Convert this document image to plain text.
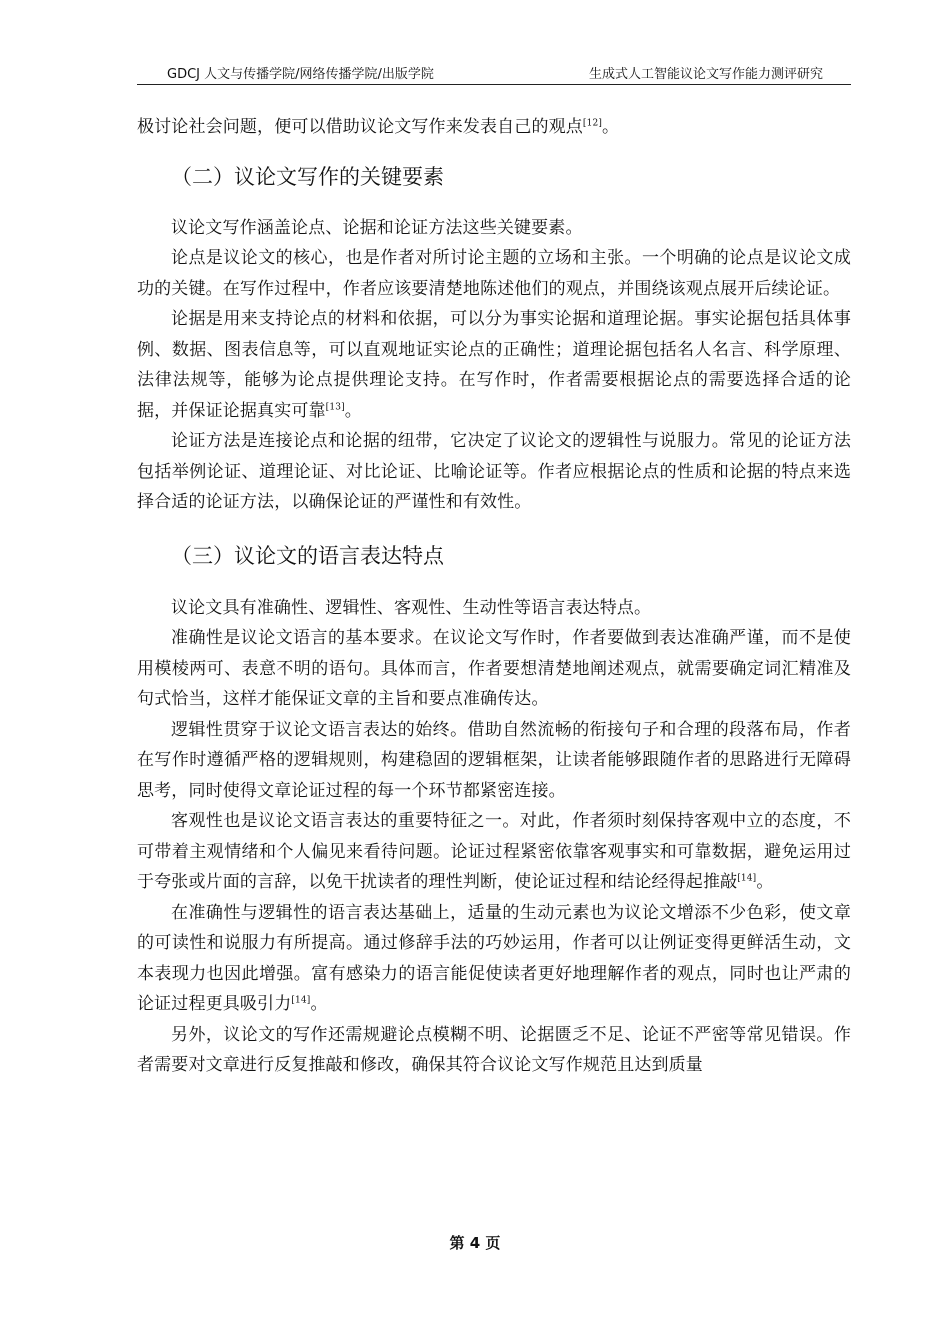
GDCJ 人文与传播学院/网络传播学院/出版学院	生成式人工智能议论文写作能力测评研究

极讨论社会问题，便可以借助议论文写作来发表自己的观点[12]。

（二）议论文写作的关键要素

议论文写作涵盖论点、论据和论证方法这些关键要素。

论点是议论文的核心，也是作者对所讨论主题的立场和主张。一个明确的论点是议论文成功的关键。在写作过程中，作者应该要清楚地陈述他们的观点，并围绕该观点展开后续论证。

论据是用来支持论点的材料和依据，可以分为事实论据和道理论据。事实论据包括具体事例、数据、图表信息等，可以直观地证实论点的正确性；道理论据包括名人名言、科学原理、法律法规等，能够为论点提供理论支持。在写作时，作者需要根据论点的需要选择合适的论据，并保证论据真实可靠[13]。

论证方法是连接论点和论据的纽带，它决定了议论文的逻辑性与说服力。常见的论证方法包括举例论证、道理论证、对比论证、比喻论证等。作者应根据论点的性质和论据的特点来选择合适的论证方法，以确保论证的严谨性和有效性。

（三）议论文的语言表达特点

议论文具有准确性、逻辑性、客观性、生动性等语言表达特点。

准确性是议论文语言的基本要求。在议论文写作时，作者要做到表达准确严谨，而不是使用模棱两可、表意不明的语句。具体而言，作者要想清楚地阐述观点，就需要确定词汇精准及句式恰当，这样才能保证文章的主旨和要点准确传达。

逻辑性贯穿于议论文语言表达的始终。借助自然流畅的衔接句子和合理的段落布局，作者在写作时遵循严格的逻辑规则，构建稳固的逻辑框架，让读者能够跟随作者的思路进行无障碍思考，同时使得文章论证过程的每一个环节都紧密连接。

客观性也是议论文语言表达的重要特征之一。对此，作者须时刻保持客观中立的态度，不可带着主观情绪和个人偏见来看待问题。论证过程紧密依靠客观事实和可靠数据，避免运用过于夸张或片面的言辞，以免干扰读者的理性判断，使论证过程和结论经得起推敲[14]。

在准确性与逻辑性的语言表达基础上，适量的生动元素也为议论文增添不少色彩，使文章的可读性和说服力有所提高。通过修辞手法的巧妙运用，作者可以让例证变得更鲜活生动，文本表现力也因此增强。富有感染力的语言能促使读者更好地理解作者的观点，同时也让严肃的论证过程更具吸引力[14]。

另外，议论文的写作还需规避论点模糊不明、论据匮乏不足、论证不严密等常见错误。作者需要对文章进行反复推敲和修改，确保其符合议论文写作规范且达到质量

第 4 页
